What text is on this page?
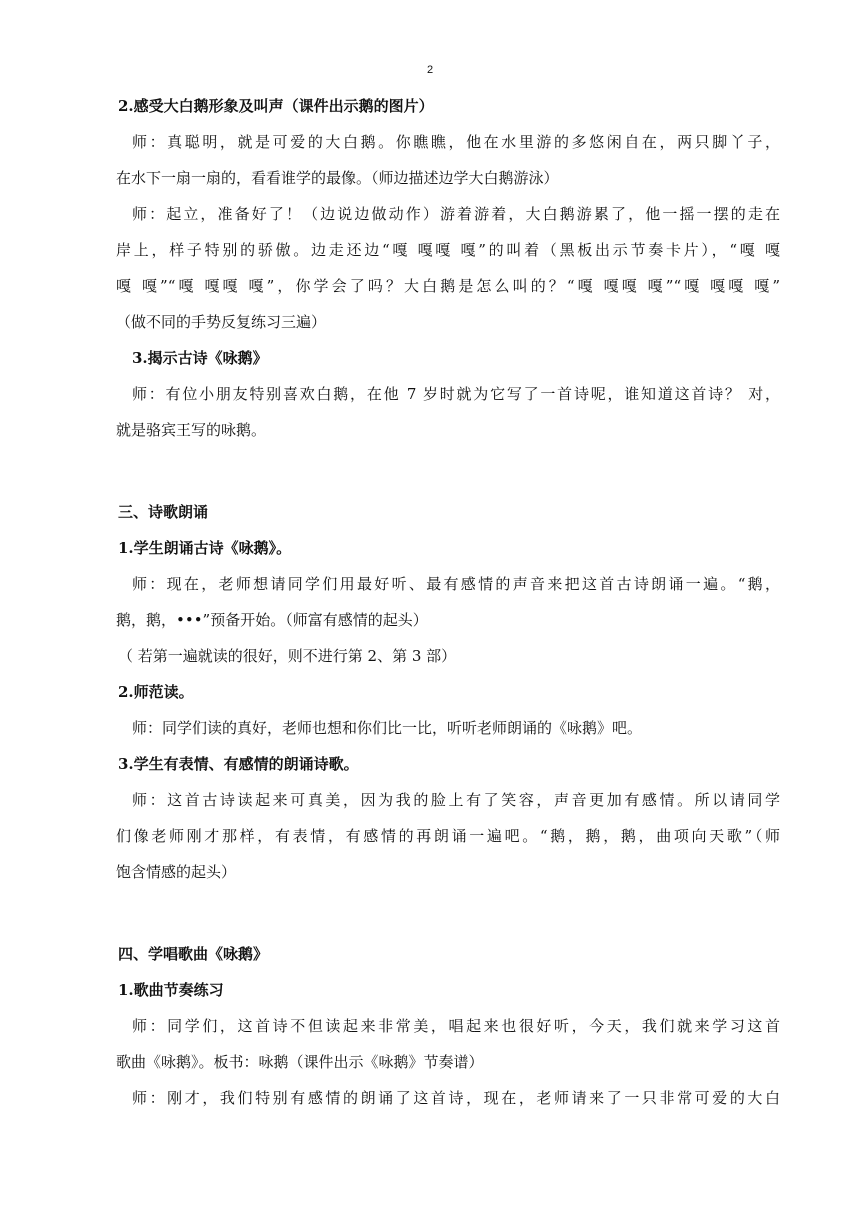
2
2.感受大白鹅形象及叫声（课件出示鹅的图片）
师：真聪明，就是可爱的大白鹅。你瞧瞧，他在水里游的多悠闲自在，两只脚丫子，
在水下一扇一扇的，看看谁学的最像。（师边描述边学大白鹅游泳）
师：起立，准备好了！（边说边做动作）游着游着，大白鹅游累了，他一摇一摆的走在
岸上，样子特别的骄傲。边走还边“嘎 嘎嘎 嘎”的叫着（黑板出示节奏卡片），“嘎 嘎
嘎 嘎”“嘎 嘎嘎 嘎”，你学会了吗？大白鹅是怎么叫的？“嘎 嘎嘎 嘎”“嘎 嘎嘎 嘎”
（做不同的手势反复练习三遍）
3.揭示古诗《咏鹅》
师：有位小朋友特别喜欢白鹅，在他 7 岁时就为它写了一首诗呢，谁知道这首诗？ 对，
就是骆宾王写的咏鹅。
三、诗歌朗诵
1.学生朗诵古诗《咏鹅》。
师：现在，老师想请同学们用最好听、最有感情的声音来把这首古诗朗诵一遍。“鹅，
鹅，鹅，•••”预备开始。（师富有感情的起头）
（ 若第一遍就读的很好，则不进行第 2、第 3 部）
2.师范读。
师：同学们读的真好，老师也想和你们比一比，听听老师朗诵的《咏鹅》吧。
3.学生有表情、有感情的朗诵诗歌。
师：这首古诗读起来可真美，因为我的脸上有了笑容，声音更加有感情。所以请同学
们像老师刚才那样，有表情，有感情的再朗诵一遍吧。“鹅，鹅，鹅，曲项向天歌”（师
饱含情感的起头）
四、学唱歌曲《咏鹅》
1.歌曲节奏练习
师：同学们，这首诗不但读起来非常美，唱起来也很好听，今天，我们就来学习这首
歌曲《咏鹅》。板书：咏鹅（课件出示《咏鹅》节奏谱）
师：刚才，我们特别有感情的朗诵了这首诗，现在，老师请来了一只非常可爱的大白
